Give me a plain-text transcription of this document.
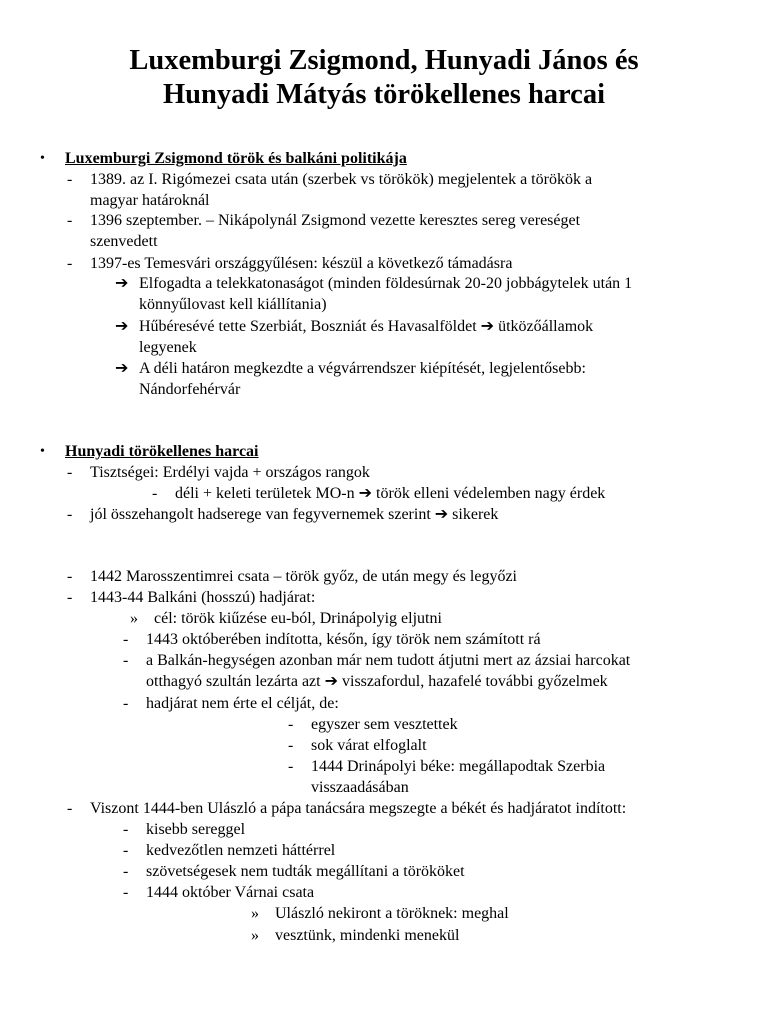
Luxemburgi Zsigmond, Hunyadi János és
Hunyadi Mátyás törökellenes harcai
• Luxemburgi Zsigmond török és balkáni politikája
- 1389. az I. Rigómezei csata után (szerbek vs törökök) megjelentek a törökök a
magyar határoknál
- 1396 szeptember. – Nikápolynál Zsigmond vezette keresztes sereg vereséget
szenvedett
- 1397-es Temesvári országgyűlésen: készül a következő támadásra
➔ Elfogadta a telekkatonaságot (minden földesúrnak 20-20 jobbágytelek után 1
könnyűlovast kell kiállítania)
➔ Hűbéresévé tette Szerbiát, Boszniát és Havasalföldet ➔ ütközőállamok
legyenek
➔ A déli határon megkezdte a végvárrendszer kiépítését, legjelentősebb:
Nándorfehérvár
• Hunyadi törökellenes harcai
- Tisztségei: Erdélyi vajda + országos rangok
- déli + keleti területek MO-n ➔ török elleni védelemben nagy érdek
- jól összehangolt hadserege van fegyvernemek szerint ➔ sikerek
- 1442 Marosszentimrei csata – török győz, de után megy és legyőzi
- 1443-44 Balkáni (hosszú) hadjárat:
» cél: török kiűzése eu-ból, Drinápolyig eljutni
- 1443 októberében indította, későn, így török nem számított rá
- a Balkán-hegységen azonban már nem tudott átjutni mert az ázsiai harcokat
otthagyó szultán lezárta azt ➔ visszafordul, hazafelé további győzelmek
- hadjárat nem érte el célját, de:
- egyszer sem vesztettek
- sok várat elfoglalt
- 1444 Drinápolyi béke: megállapodtak Szerbia
visszaadásában
- Viszont 1444-ben Ulászló a pápa tanácsára megszegte a békét és hadjáratot indított:
- kisebb sereggel
- kedvezőtlen nemzeti háttérrel
- szövetségesek nem tudták megállítani a törököket
- 1444 október Várnai csata
» Ulászló nekiront a töröknek: meghal
» vesztünk, mindenki menekül
